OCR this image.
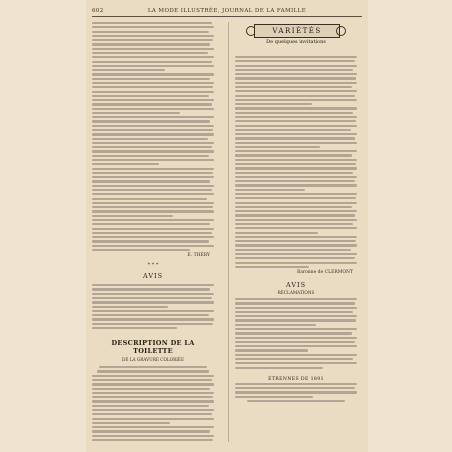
602	LA MODE ILLUSTRÉE, JOURNAL DE LA FAMILLE
E. THÉRY
* * *
AVIS
DESCRIPTION DE LA TOILETTE
DE LA GRAVURE COLORIÉE
VARIÉTÉS
De quelques invitations
Baronne de CLERMONT
AVIS
RÉCLAMATIONS
ÉTRENNES DE 1891
